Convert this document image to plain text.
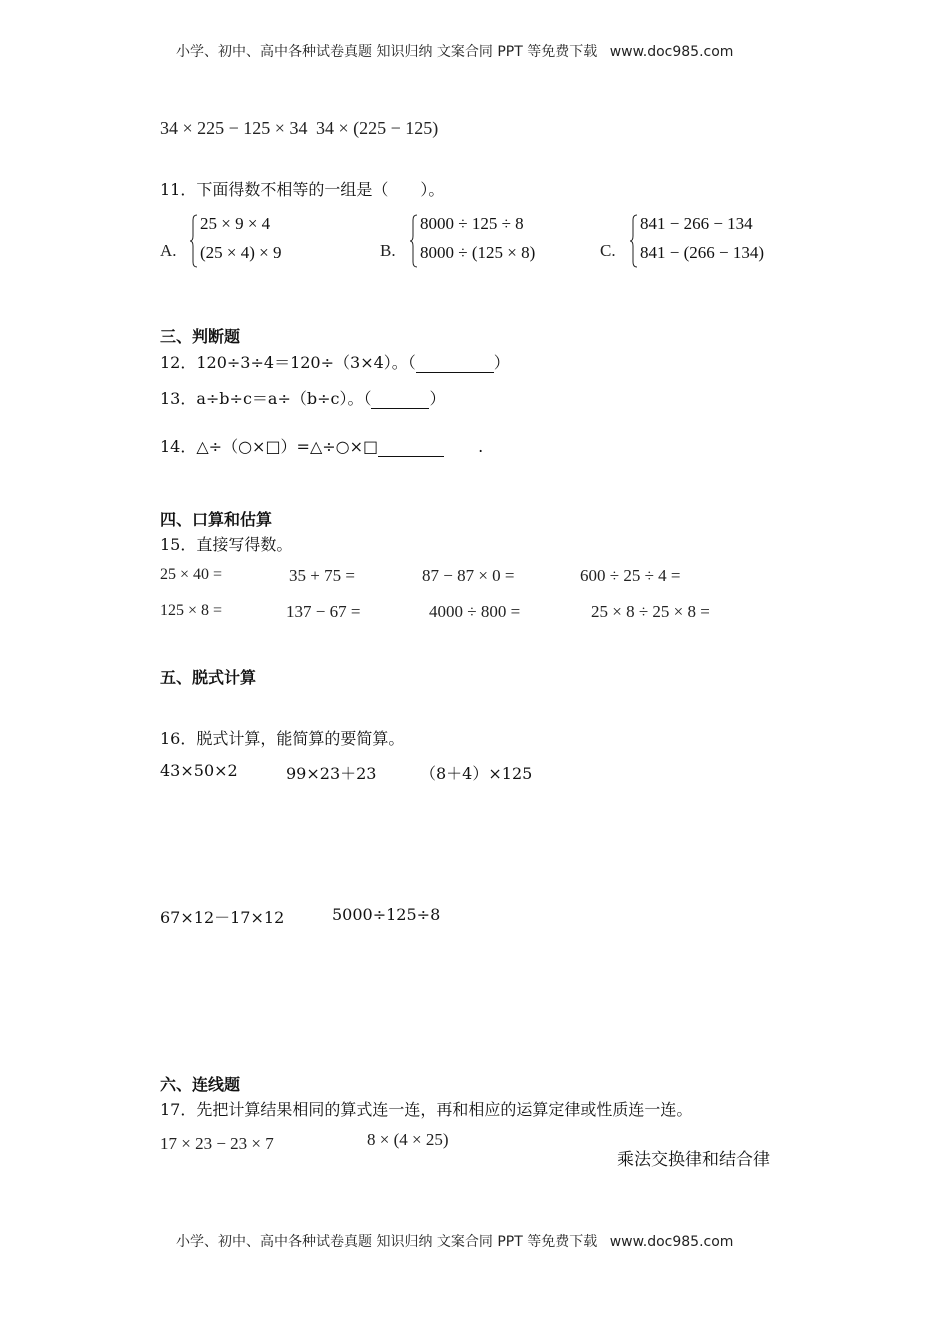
小学、初中、高中各种试卷真题 知识归纳 文案合同 PPT 等免费下载 www.doc985.com
34 × 225 − 125 × 34 34 × (225 − 125)
11．下面得数不相等的一组是（　　）。
A.
25 × 9 × 4
(25 × 4) × 9	B.
8000 ÷ 125 ÷ 8
8000 ÷ (125 × 8)	C.
841 − 266 − 134
841 − (266 − 134)
三、判断题
12．120÷3÷4＝120÷（3×4）。（	）
13．a÷b÷c＝a÷（b÷c）。（	）
14．△÷（○×□）=△÷○×□	.
四、口算和估算
15．直接写得数。
25 × 40 =	35 + 75 =	87 − 87 × 0 =	600 ÷ 25 ÷ 4 =
125 × 8 =	137 − 67 =	4000 ÷ 800 =	25 × 8 ÷ 25 × 8 =
五、脱式计算
16．脱式计算，能简算的要简算。
43×50×2	99×23＋23	（8＋4）×125
67×12－17×12	5000÷125÷8
六、连线题
17．先把计算结果相同的算式连一连，再和相应的运算定律或性质连一连。
17 × 23 − 23 × 7	8 × (4 × 25)
乘法交换律和结合律
小学、初中、高中各种试卷真题 知识归纳 文案合同 PPT 等免费下载 www.doc985.com
